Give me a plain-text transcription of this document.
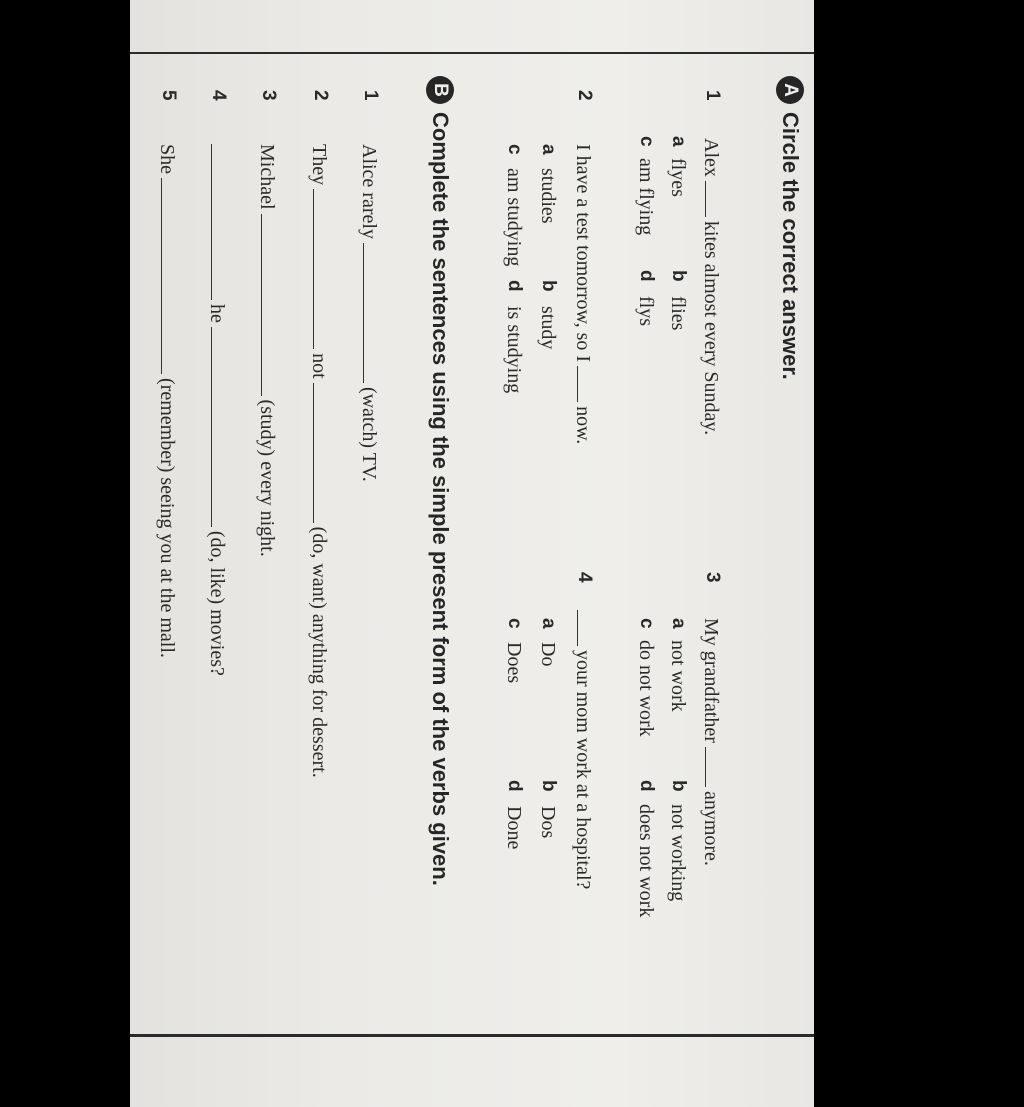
A
Circle the correct answer.
1
Alexkites almost every Sunday.
a
flyes
b
flies
c
am flying
d
flys
3
My grandfatheranymore.
a
not work
b
not working
c
do not work
d
does not work
2
I have a test tomorrow, so Inow.
a
studies
b
study
c
am studying
d
is studying
4
your mom work at a hospital?
a
Do
b
Dos
c
Does
d
Done
B
Complete the sentences using the simple present form of the verbs given.
1
Alice rarely(watch) TV.
2
Theynot(do, want) anything for dessert.
3
Michael(study) every night.
4
he(do, like) movies?
5
She(remember) seeing you at the mall.
